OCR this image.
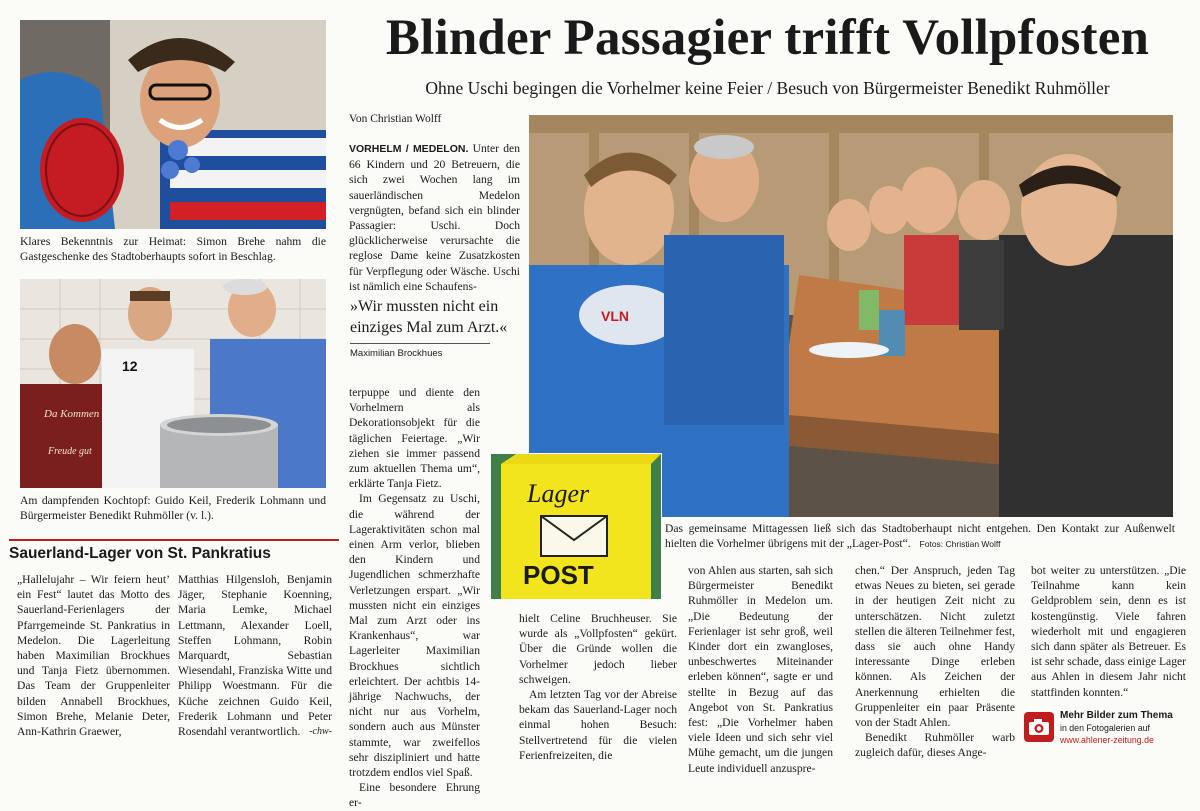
Blinder Passagier trifft Vollpfosten
Ohne Uschi begingen die Vorhelmer keine Feier / Besuch von Bürgermeister Benedikt Ruhmöller
Klares Bekenntnis zur Heimat: Simon Brehe nahm die Gastgeschenke des Stadtoberhaupts sofort in Beschlag.
Da Kommen
Freude gut
12
Am dampfenden Kochtopf: Guido Keil, Frederik Lohmann und Bürgermeister Benedikt Ruhmöller (v. l.).
Sauerland-Lager von St. Pankratius

„Hallelujahr – Wir feiern heut’ ein Fest“ lautet das Motto des Sauerland-Ferienlagers der Pfarrgemeinde St. Pankratius in Medelon. Die Lagerleitung haben Maximilian Brockhues und Tanja Fietz übernommen. Das Team der Gruppenleiter bilden Annabell Brockhues, Simon Brehe, Melanie Deter, Ann-Kathrin Graewer,

Matthias Hilgensloh, Benjamin Jäger, Stephanie Koenning, Maria Lemke, Michael Lettmann, Alexander Loell, Steffen Lohmann, Robin Marquardt, Sebastian Wiesendahl, Franziska Witte und Philipp Woestmann. Für die Küche zeichnen Guido Keil, Frederik Lohmann und Peter Rosendahl verantwortlich. -chw-

Von Christian Wolff

VORHELM / MEDELON. Unter den 66 Kindern und 20 Betreuern, die sich zwei Wochen lang im sauerländischen Medelon vergnügten, befand sich ein blinder Passagier: Uschi. Doch glücklicherweise verursachte die reglose Dame keine Zusatzkosten für Verpflegung oder Wäsche. Uschi ist nämlich eine Schaufens-

»Wir mussten nicht ein einziges Mal zum Arzt.«
Maximilian Brockhues

terpuppe und diente den Vorhelmern als Dekorationsobjekt für die täglichen Feiertage. „Wir ziehen sie immer passend zum aktuellen Thema um“, erklärte Tanja Fietz.

Im Gegensatz zu Uschi, die während der Lageraktivitäten schon mal einen Arm verlor, blieben den Kindern und Jugendlichen schmerzhafte Verletzungen erspart. „Wir mussten nicht ein einziges Mal zum Arzt oder ins Krankenhaus“, war Lagerleiter Maximilian Brockhues sichtlich erleichtert. Der achtbis 14-jährige Nachwuchs, der nicht nur aus Vorhelm, sondern auch aus Münster stammte, war zweifellos sehr diszipliniert und hatte trotzdem endlos viel Spaß.

Eine besondere Ehrung er-

VLN
Lager
POST
Das gemeinsame Mittagessen ließ sich das Stadtoberhaupt nicht entgehen. Den Kontakt zur Außenwelt hielten die Vorhelmer übrigens mit der „Lager-Post“. Fotos: Christian Wolff

hielt Celine Bruchheuser. Sie wurde als „Vollpfosten“ gekürt. Über die Gründe wollen die Vorhelmer jedoch lieber schweigen.

Am letzten Tag vor der Abreise bekam das Sauerland-Lager noch einmal hohen Besuch: Stellvertretend für die vielen Ferienfreizeiten, die

von Ahlen aus starten, sah sich Bürgermeister Benedikt Ruhmöller in Medelon um. „Die Bedeutung der Ferienlager ist sehr groß, weil Kinder dort ein zwangloses, unbeschwertes Miteinander erleben können“, sagte er und stellte in Bezug auf das Angebot von St. Pankratius fest: „Die Vorhelmer haben viele Ideen und sich sehr viel Mühe gemacht, um die jungen Leute individuell anzuspre-

chen.“ Der Anspruch, jeden Tag etwas Neues zu bieten, sei gerade in der heutigen Zeit nicht zu unterschätzen. Nicht zuletzt stellen die älteren Teilnehmer fest, dass sie auch ohne Handy interessante Dinge erleben können. Als Zeichen der Anerkennung erhielten die Gruppenleiter ein paar Präsente von der Stadt Ahlen.

Benedikt Ruhmöller warb zugleich dafür, dieses Ange-

bot weiter zu unterstützen. „Die Teilnahme kann kein Geldproblem sein, denn es ist kostengünstig. Viele fahren wiederholt mit und engagieren sich dann später als Betreuer. Es ist sehr schade, dass einige Lager aus Ahlen in diesem Jahr nicht stattfinden konnten.“

Mehr Bilder zum Thema
in den Fotogalerien auf
www.ahlener-zeitung.de
